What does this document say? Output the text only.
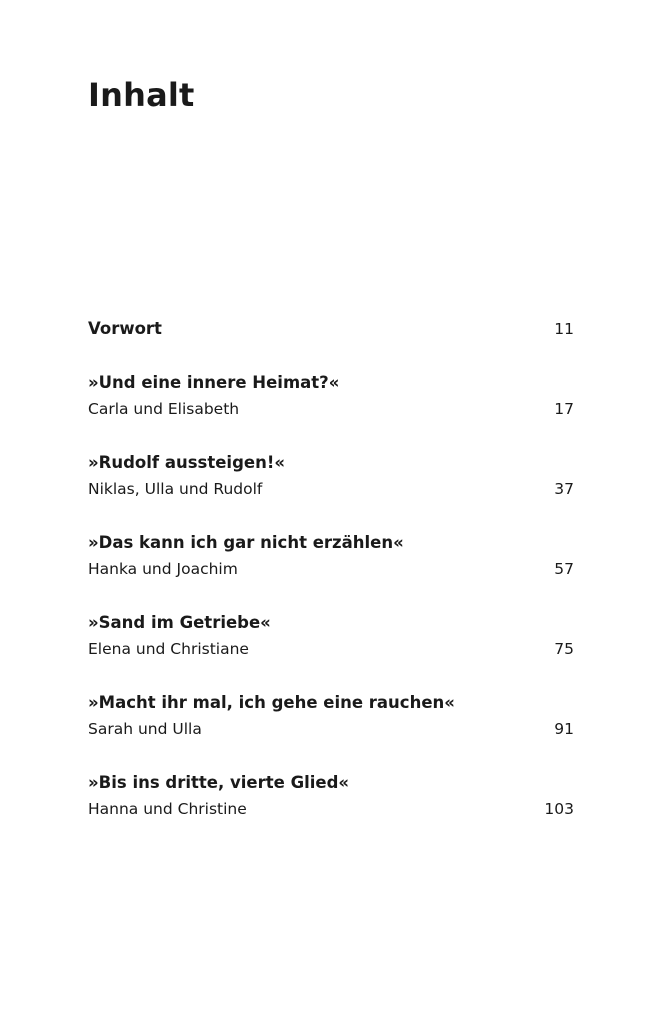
Inhalt
Vorwort	11
»Und eine innere Heimat?«
Carla und Elisabeth	17
»Rudolf aussteigen!«
Niklas, Ulla und Rudolf	37
»Das kann ich gar nicht erzählen«
Hanka und Joachim	57
»Sand im Getriebe«
Elena und Christiane	75
»Macht ihr mal, ich gehe eine rauchen«
Sarah und Ulla	91
»Bis ins dritte, vierte Glied«
Hanna und Christine	103
